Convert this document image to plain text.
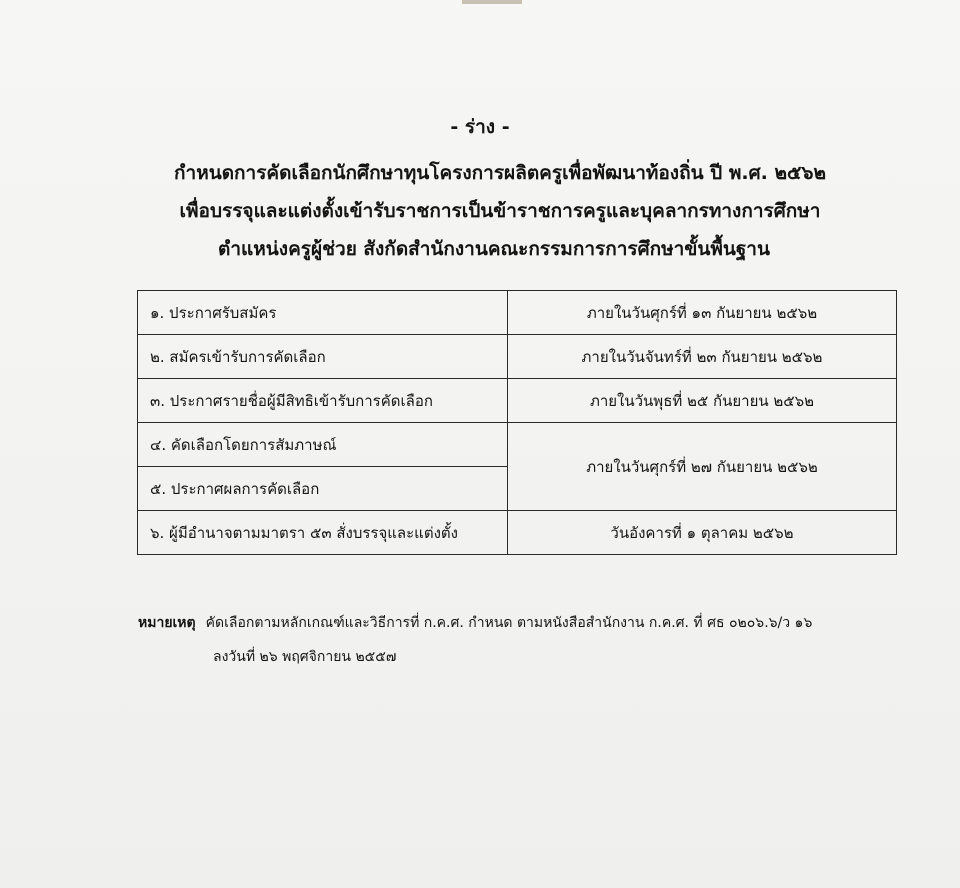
- ร่าง -
กำหนดการคัดเลือกนักศึกษาทุนโครงการผลิตครูเพื่อพัฒนาท้องถิ่น ปี พ.ศ. ๒๕๖๒
เพื่อบรรจุและแต่งตั้งเข้ารับราชการเป็นข้าราชการครูและบุคลากรทางการศึกษา
ตำแหน่งครูผู้ช่วย สังกัดสำนักงานคณะกรรมการการศึกษาขั้นพื้นฐาน
๑. ประกาศรับสมัคร	ภายในวันศุกร์ที่ ๑๓ กันยายน ๒๕๖๒
๒. สมัครเข้ารับการคัดเลือก	ภายในวันจันทร์ที่ ๒๓ กันยายน ๒๕๖๒
๓. ประกาศรายชื่อผู้มีสิทธิเข้ารับการคัดเลือก	ภายในวันพุธที่ ๒๕ กันยายน ๒๕๖๒
๔. คัดเลือกโดยการสัมภาษณ์	ภายในวันศุกร์ที่ ๒๗ กันยายน ๒๕๖๒
๕. ประกาศผลการคัดเลือก	
๖. ผู้มีอำนาจตามมาตรา ๕๓ สั่งบรรจุและแต่งตั้ง	วันอังคารที่ ๑ ตุลาคม ๒๕๖๒
หมายเหตุ คัดเลือกตามหลักเกณฑ์และวิธีการที่ ก.ค.ศ. กำหนด ตามหนังสือสำนักงาน ก.ค.ศ. ที่ ศธ ๐๒๐๖.๖/ว ๑๖
ลงวันที่ ๒๖ พฤศจิกายน ๒๕๕๗
